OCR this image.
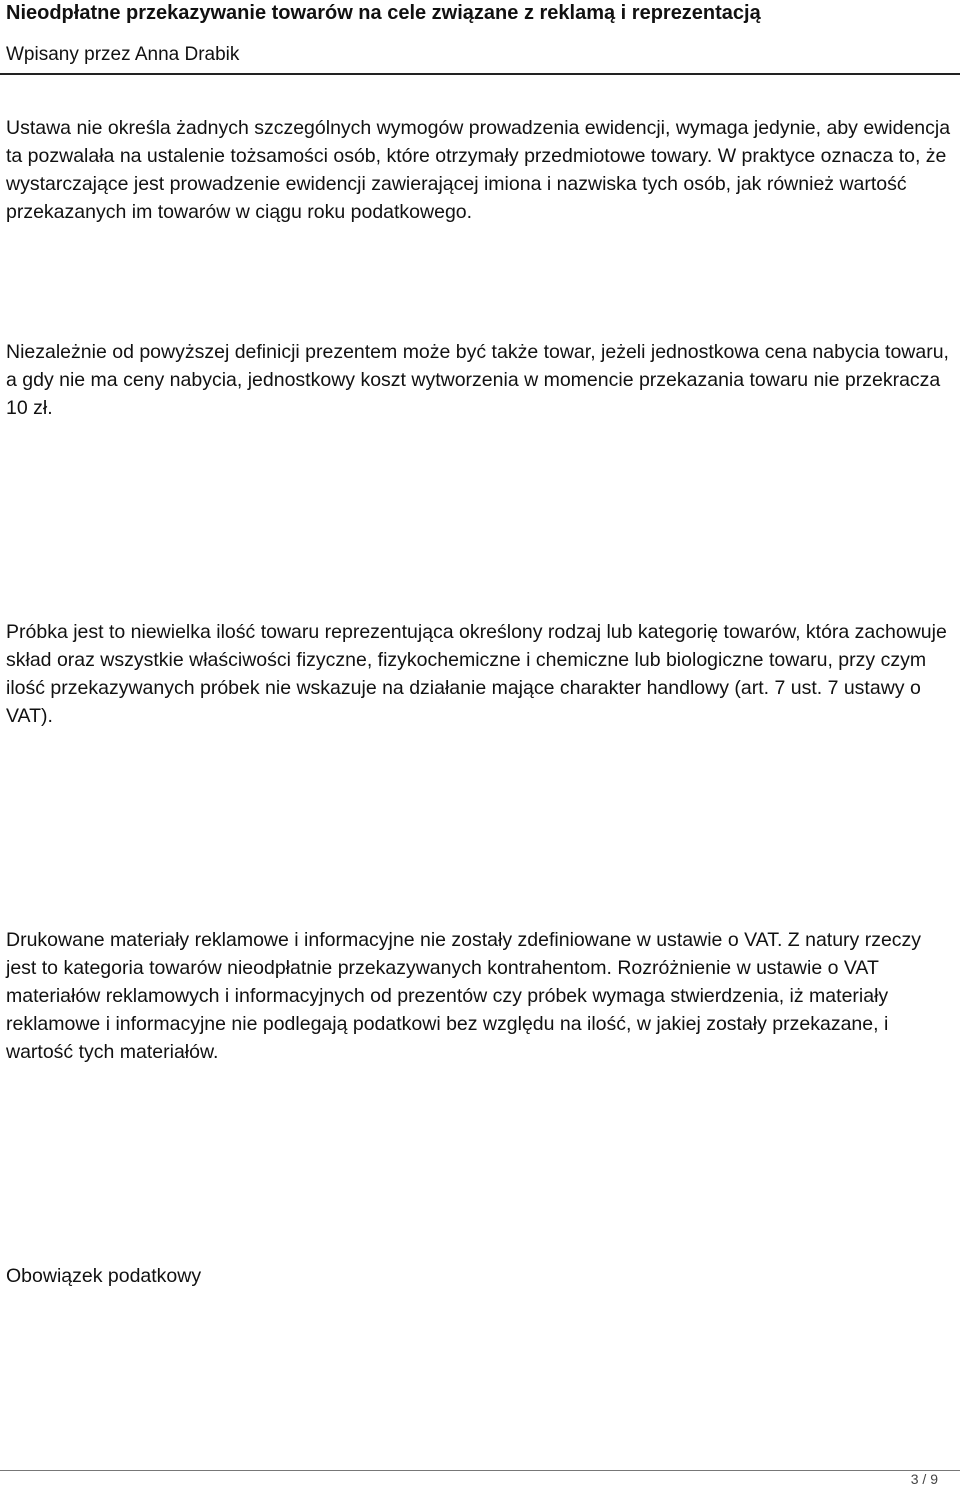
Nieodpłatne przekazywanie towarów na cele związane z reklamą i reprezentacją

Wpisany przez Anna Drabik

Ustawa nie określa żadnych szczególnych wymogów prowadzenia ewidencji, wymaga jedynie, aby ewidencja ta pozwalała na ustalenie tożsamości osób, które otrzymały przedmiotowe towary. W praktyce oznacza to, że wystarczające jest prowadzenie ewidencji zawierającej imiona i nazwiska tych osób, jak również wartość przekazanych im towarów w ciągu roku podatkowego.

Niezależnie od powyższej definicji prezentem może być także towar, jeżeli jednostkowa cena nabycia towaru, a gdy nie ma ceny nabycia, jednostkowy koszt wytworzenia w momencie przekazania towaru nie przekracza 10 zł.

Próbka jest to niewielka ilość towaru reprezentująca określony rodzaj lub kategorię towarów, która zachowuje skład oraz wszystkie właściwości fizyczne, fizykochemiczne i chemiczne lub biologiczne towaru, przy czym ilość przekazywanych próbek nie wskazuje na działanie mające charakter handlowy (art. 7 ust. 7 ustawy o VAT).

Drukowane materiały reklamowe i informacyjne nie zostały zdefiniowane w ustawie o VAT. Z natury rzeczy jest to kategoria towarów nieodpłatnie przekazywanych kontrahentom. Rozróżnienie w ustawie o VAT materiałów reklamowych i informacyjnych od prezentów czy próbek wymaga stwierdzenia, iż materiały reklamowe i informacyjne nie podlegają podatkowi bez względu na ilość, w jakiej zostały przekazane, i wartość tych materiałów.

Obowiązek podatkowy

3 / 9
